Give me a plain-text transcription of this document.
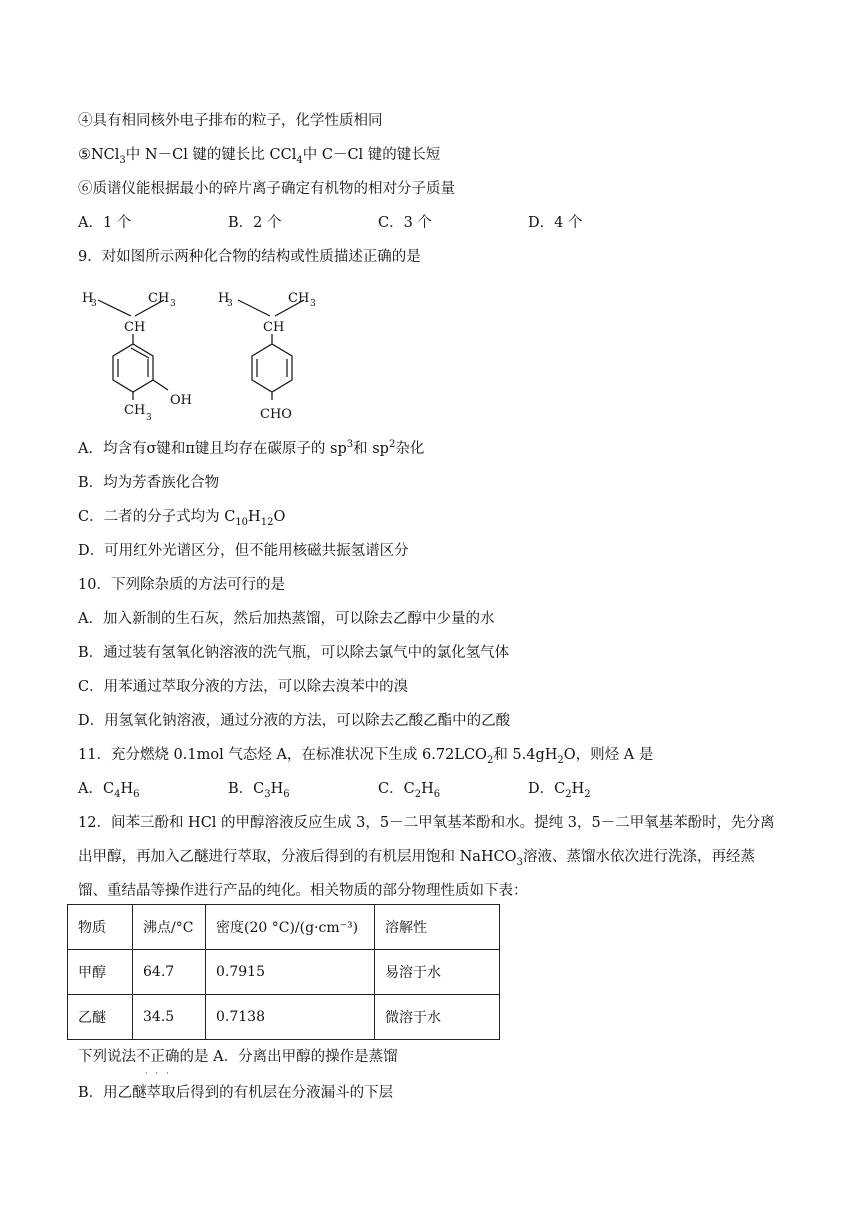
④具有相同核外电子排布的粒子，化学性质相同
⑤NCl$_3$中 N－Cl 键的键长比 CCl$_4$中 C－Cl 键的键长短
⑥质谱仪能根据最小的碎片离子确定有机物的相对分子质量
A．1 个	B．2 个	C．3 个	D．4 个
9．对如图所示两种化合物的结构或性质描述正确的是
H
3	CH 3
CH
OH
CH 3
H
3	CH 3
CH
CHO
A．均含有σ键和π键且均存在碳原子的 $sp^3$和 $sp^2$杂化
B．均为芳香族化合物
C．二者的分子式均为 $C_{10}H_{12}O$
D．可用红外光谱区分，但不能用核磁共振氢谱区分
10．下列除杂质的方法可行的是
A．加入新制的生石灰，然后加热蒸馏，可以除去乙醇中少量的水
B．通过装有氢氧化钠溶液的洗气瓶，可以除去氯气中的氯化氢气体
C．用苯通过萃取分液的方法，可以除去溴苯中的溴
D．用氢氧化钠溶液，通过分液的方法，可以除去乙酸乙酯中的乙酸
11．充分燃烧 0.1mol 气态烃 A，在标准状况下生成 $6.72LCO_2$和 $5.4gH_2O$，则烃 A 是
A．$C_4H_6$	B．$C_3H_6$	C．$C_2H_6$	D．$C_2H_2$
12．间苯三酚和 HCl 的甲醇溶液反应生成 3，5－二甲氧基苯酚和水。提纯 3，5－二甲氧基苯酚时，先分离
出甲醇，再加入乙醚进行萃取，分液后得到的有机层用饱和 NaHCO$_3$溶液、蒸馏水依次进行洗涤，再经蒸
馏、重结晶等操作进行产品的纯化。相关物质的部分物理性质如下表：
物质	沸点/°C	密度(20 °C)/(g·cm⁻³)	溶解性
甲醇	64.7	0.7915	易溶于水
乙醚	34.5	0.7138	微溶于水
下列说法不正确的是 A．分离出甲醇的操作是蒸馏
···
B．用乙醚萃取后得到的有机层在分液漏斗的下层
